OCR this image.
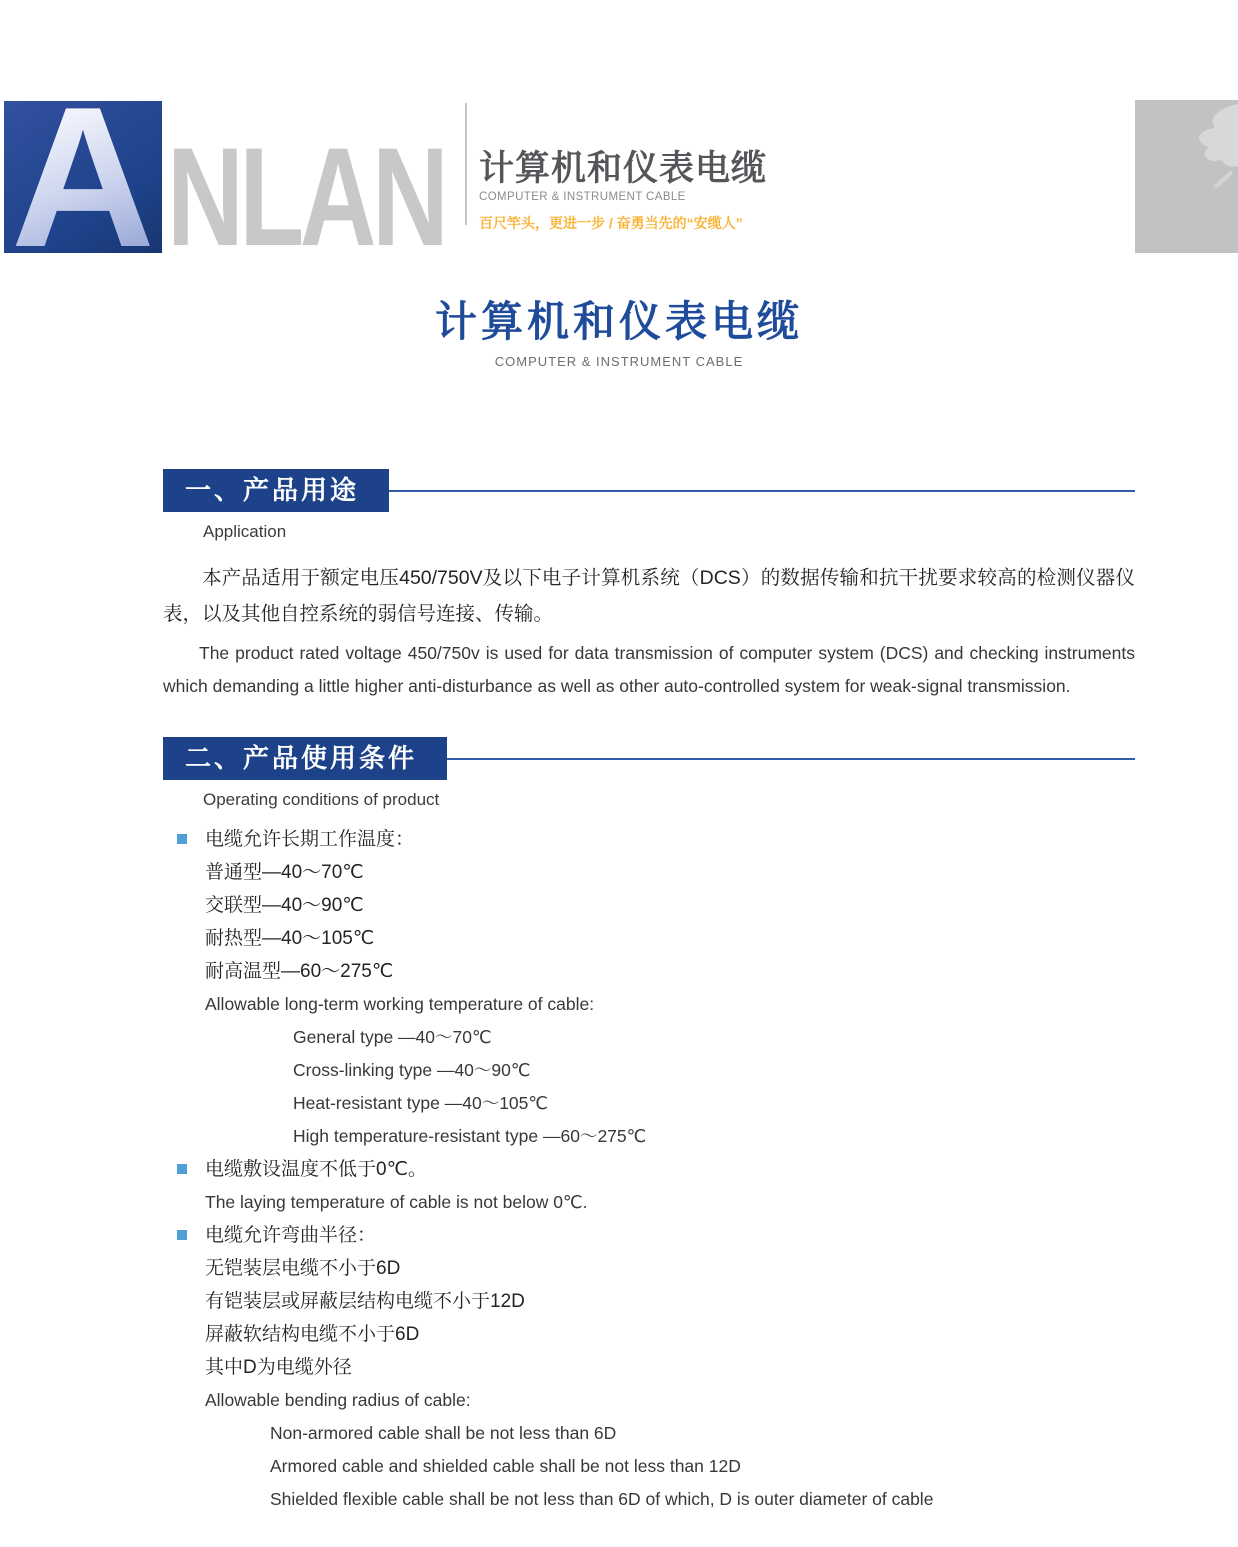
A NLAN 计算机和仪表电缆
COMPUTER & INSTRUMENT CABLE
百尺竿头，更进一步 / 奋勇当先的“安缆人”
计算机和仪表电缆
COMPUTER & INSTRUMENT CABLE
一、产品用途
Application

本产品适用于额定电压450/750V及以下电子计算机系统（DCS）的数据传输和抗干扰要求较高的检测仪器仪表，以及其他自控系统的弱信号连接、传输。

The product rated voltage 450/750v is used for data transmission of computer system (DCS) and checking instruments which demanding a little higher anti-disturbance as well as other auto-controlled system for weak-signal transmission.

二、产品使用条件
Operating conditions of product
电缆允许长期工作温度：
普通型—40～70℃
交联型—40～90℃
耐热型—40～105℃
耐高温型—60～275℃
Allowable long-term working temperature of cable:
General type —40～70℃
Cross-linking type —40～90℃
Heat-resistant type —40～105℃
High temperature-resistant type —60～275℃
电缆敷设温度不低于0℃。
The laying temperature of cable is not below 0℃.
电缆允许弯曲半径：
无铠装层电缆不小于6D
有铠装层或屏蔽层结构电缆不小于12D
屏蔽软结构电缆不小于6D
其中D为电缆外径
Allowable bending radius of cable:
Non-armored cable shall be not less than 6D
Armored cable and shielded cable shall be not less than 12D
Shielded flexible cable shall be not less than 6D of which, D is outer diameter of cable
